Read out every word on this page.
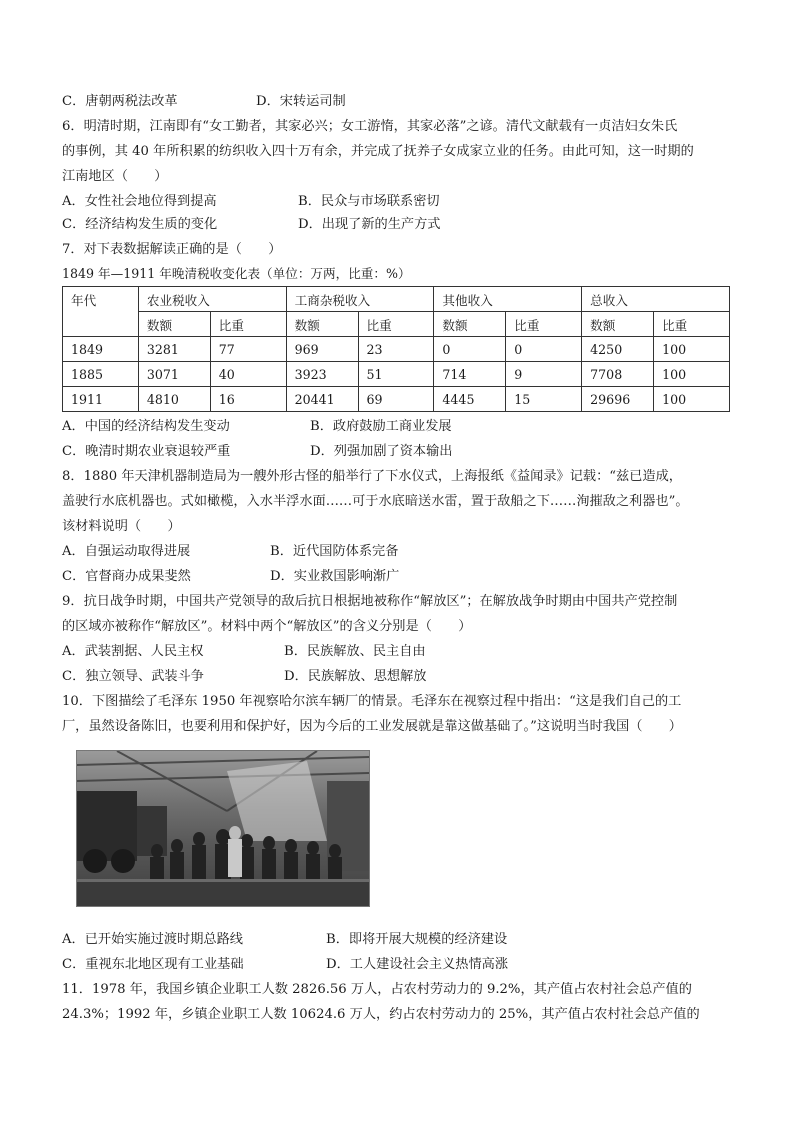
C．唐朝两税法改革	D．宋转运司制
6．明清时期，江南即有“女工勤者，其家必兴；女工游惰，其家必落”之谚。清代文献载有一贞洁妇女朱氏
的事例，其 40 年所积累的纺织收入四十万有余，并完成了抚养子女成家立业的任务。由此可知，这一时期的
江南地区（　　）
A．女性社会地位得到提高	B．民众与市场联系密切
C．经济结构发生质的变化	D．出现了新的生产方式
7．对下表数据解读正确的是（　　）
1849 年—1911 年晚清税收变化表（单位：万两，比重：%）
年代	农业税收入		工商杂税收入		其他收入		总收入	
	数额	比重	数额	比重	数额	比重	数额	比重
1849	3281	77	969	23	0	0	4250	100
1885	3071	40	3923	51	714	9	7708	100
1911	4810	16	20441	69	4445	15	29696	100
A．中国的经济结构发生变动	B．政府鼓励工商业发展
C．晚清时期农业衰退较严重	D．列强加剧了资本输出
8．1880 年天津机器制造局为一艘外形古怪的船举行了下水仪式，上海报纸《益闻录》记载：“兹已造成，
盖驶行水底机器也。式如橄榄，入水半浮水面……可于水底暗送水雷，置于敌船之下……洵摧敌之利器也”。
该材料说明（　　）
A．自强运动取得进展	B．近代国防体系完备
C．官督商办成果斐然	D．实业救国影响渐广
9．抗日战争时期，中国共产党领导的敌后抗日根据地被称作“解放区”；在解放战争时期由中国共产党控制
的区域亦被称作“解放区”。材料中两个“解放区”的含义分别是（　　）
A．武装割据、人民主权	B．民族解放、民主自由
C．独立领导、武装斗争	D．民族解放、思想解放
10．下图描绘了毛泽东 1950 年视察哈尔滨车辆厂的情景。毛泽东在视察过程中指出：“这是我们自己的工
厂，虽然设备陈旧，也要利用和保护好，因为今后的工业发展就是靠这做基础了。”这说明当时我国（　　）
A．已开始实施过渡时期总路线	B．即将开展大规模的经济建设
C．重视东北地区现有工业基础	D．工人建设社会主义热情高涨
11．1978 年，我国乡镇企业职工人数 2826.56 万人，占农村劳动力的 9.2%，其产值占农村社会总产值的
24.3%；1992 年，乡镇企业职工人数 10624.6 万人，约占农村劳动力的 25%，其产值占农村社会总产值的
